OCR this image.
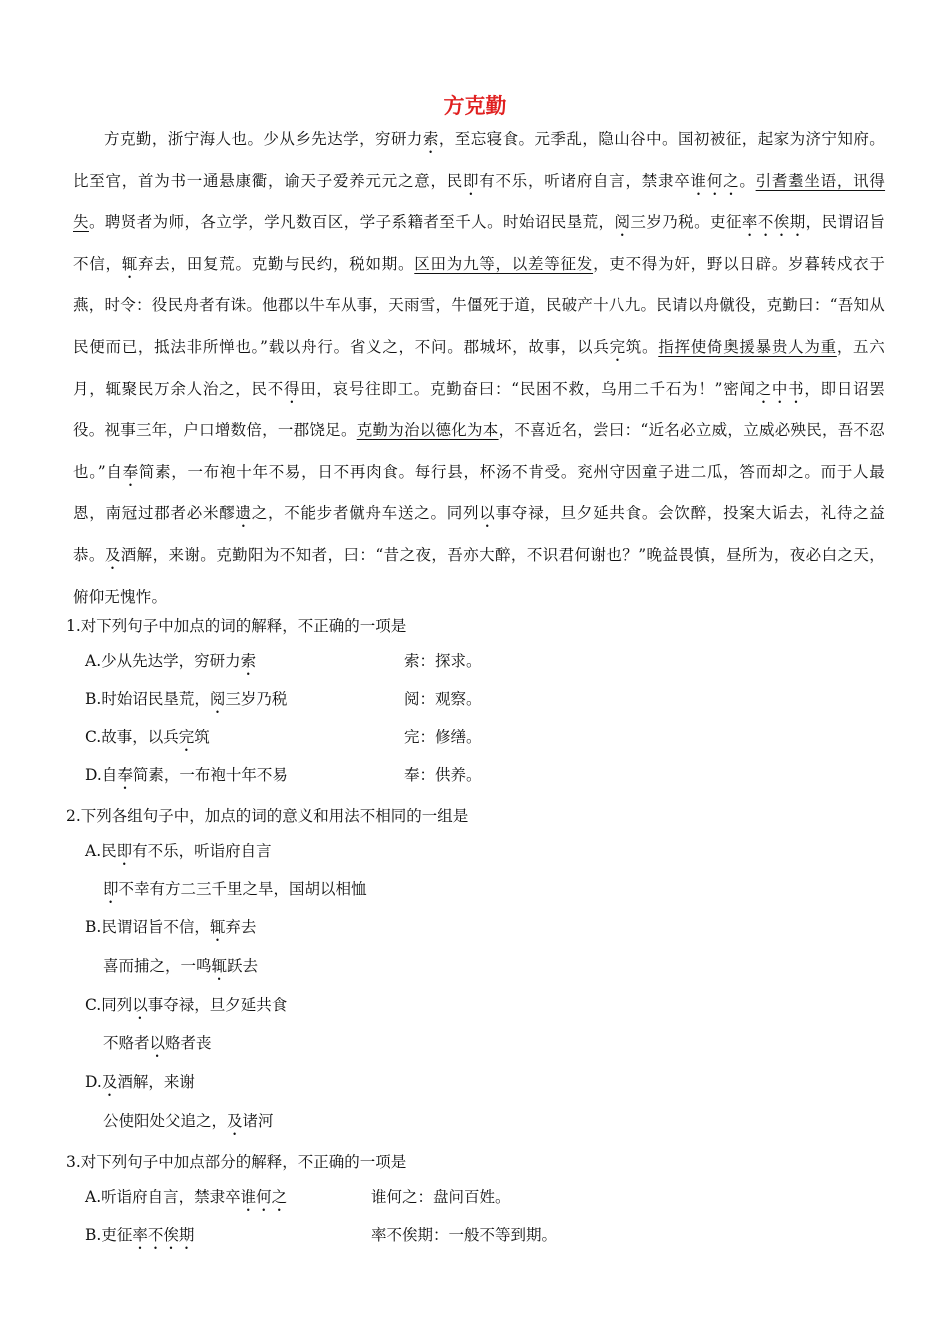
方克勤

方克勤，浙宁海人也。少从乡先达学，穷研力索，至忘寝食。元季乱，隐山谷中。国初被征，起家为济宁知府。比至官，首为书一通悬康衢，谕天子爱养元元之意，民即有不乐，听诸府自言，禁隶卒谁何之。引耆耋坐语，讯得失。聘贤者为师，各立学，学凡数百区，学子系籍者至千人。时始诏民垦荒，阅三岁乃税。吏征率不俟期，民谓诏旨不信，辄弃去，田复荒。克勤与民约，税如期。区田为九等，以差等征发，吏不得为奸，野以日辟。岁暮转戍衣于燕，时令：役民舟者有诛。他郡以牛车从事，天雨雪，牛僵死于道，民破产十八九。民请以舟僦役，克勤曰：“吾知从民便而已，抵法非所惮也。”载以舟行。省义之，不问。郡城坏，故事，以兵完筑。指挥使倚奥援暴贵人为重，五六月，辄聚民万余人治之，民不得田，哀号往即工。克勤奋曰：“民困不救，乌用二千石为！”密闻之中书，即日诏罢役。视事三年，户口增数倍，一郡饶足。克勤为治以德化为本，不喜近名，尝曰：“近名必立威，立威必殃民，吾不忍也。”自奉简素，一布袍十年不易，日不再肉食。每行县，杯汤不肯受。兖州守因童子进二瓜，答而却之。而于人最恩，南冠过郡者必米醪遗之，不能步者僦舟车送之。同列以事夺禄，旦夕延共食。会饮醉，投案大诟去，礼待之益恭。及酒解，来谢。克勤阳为不知者，曰：“昔之夜，吾亦大醉，不识君何谢也？”晚益畏慎，昼所为，夜必白之天，俯仰无愧怍。

1.对下列句子中加点的词的解释，不正确的一项是
A.少从先达学，穷研力索	索：探求。
B.时始诏民垦荒，阅三岁乃税	阅：观察。
C.故事，以兵完筑	完：修缮。
D.自奉简素，一布袍十年不易	奉：供养。
2.下列各组句子中，加点的词的意义和用法不相同的一组是
A.民即有不乐，听诣府自言
即不幸有方二三千里之旱，国胡以相恤
B.民谓诏旨不信，辄弃去
喜而捕之，一鸣辄跃去
C.同列以事夺禄，旦夕延共食
不赂者以赂者丧
D.及酒解，来谢
公使阳处父追之，及诸河
3.对下列句子中加点部分的解释，不正确的一项是
A.听诣府自言，禁隶卒谁何之	谁何之：盘问百姓。
B.吏征率不俟期	率不俟期：一般不等到期。
